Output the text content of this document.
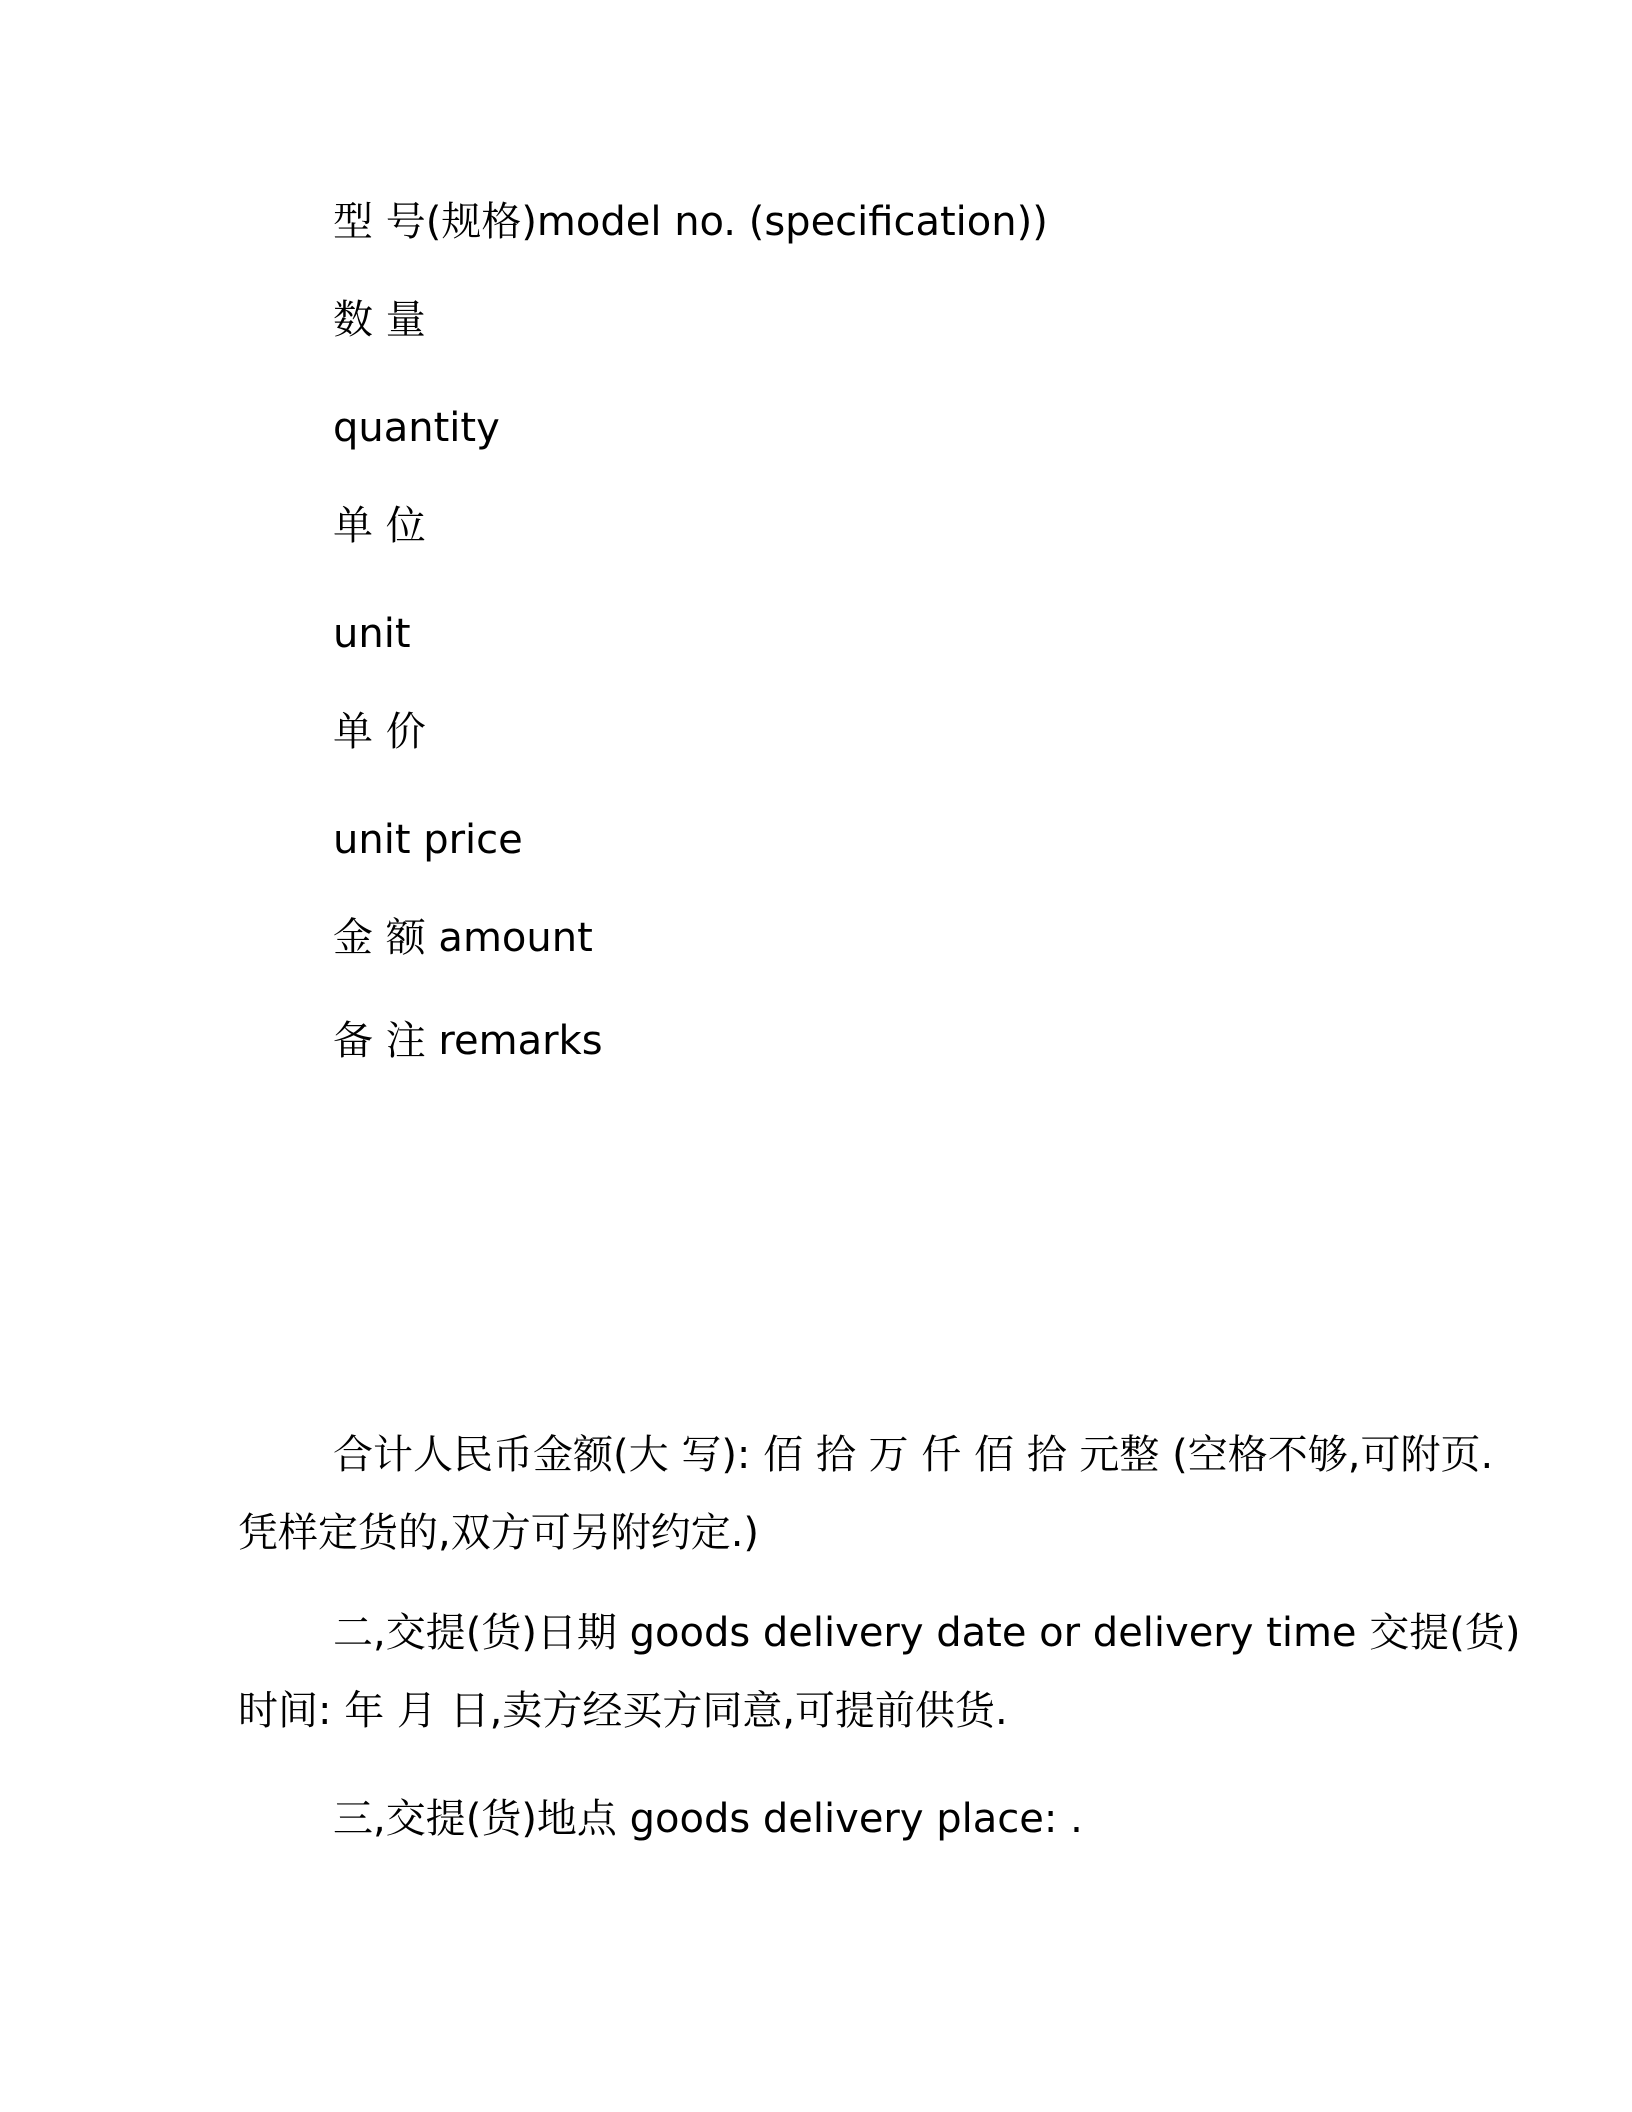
型 号(规格)model no. (specification))
数 量
quantity
单 位
unit
单 价
unit price
金 额 amount
备 注 remarks
合计人民币金额(大 写): 佰 拾 万 仟 佰 拾 元整 (空格不够,可附页.
凭样定货的,双方可另附约定.)
二,交提(货)日期 goods delivery date or delivery time 交提(货)
时间: 年 月 日,卖方经买方同意,可提前供货.
三,交提(货)地点 goods delivery place: .
